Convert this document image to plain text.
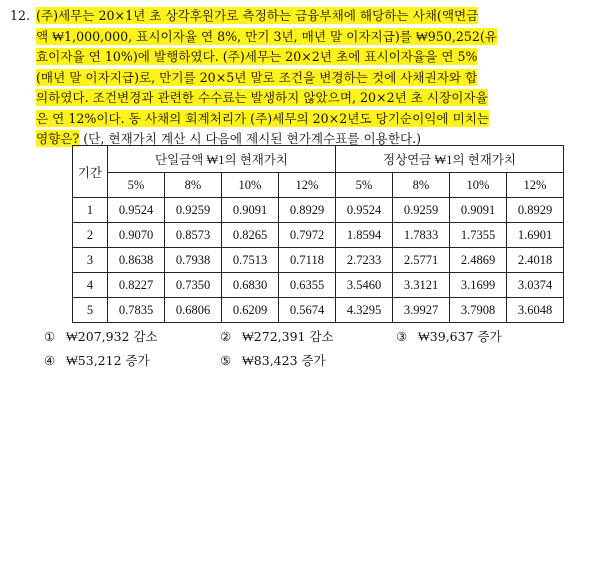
12. (주)세무는 20×1년 초 상각후원가로 측정하는 금융부채에 해당하는 사채(액면금
액 ₩1,000,000, 표시이자율 연 8%, 만기 3년, 매년 말 이자지급)를 ₩950,252(유
효이자율 연 10%)에 발행하였다. (주)세무는 20×2년 초에 표시이자율을 연 5%
(매년 말 이자지급)로, 만기를 20×5년 말로 조건을 변경하는 것에 사채권자와 합
의하였다. 조건변경과 관련한 수수료는 발생하지 않았으며, 20×2년 초 시장이자율
은 연 12%이다. 동 사채의 회계처리가 (주)세무의 20×2년도 당기순이익에 미치는
영향은? (단, 현재가치 계산 시 다음에 제시된 현가계수표를 이용한다.)
기간	단일금액 ₩1의 현재가치				정상연금 ₩1의 현재가치			
	5%	8%	10%	12%	5%	8%	10%	12%
1	0.9524	0.9259	0.9091	0.8929	0.9524	0.9259	0.9091	0.8929
2	0.9070	0.8573	0.8265	0.7972	1.8594	1.7833	1.7355	1.6901
3	0.8638	0.7938	0.7513	0.7118	2.7233	2.5771	2.4869	2.4018
4	0.8227	0.7350	0.6830	0.6355	3.5460	3.3121	3.1699	3.0374
5	0.7835	0.6806	0.6209	0.5674	4.3295	3.9927	3.7908	3.6048
① ₩207,932 감소	② ₩272,391 감소	③ ₩39,637 증가
④ ₩53,212 증가	⑤ ₩83,423 증가
